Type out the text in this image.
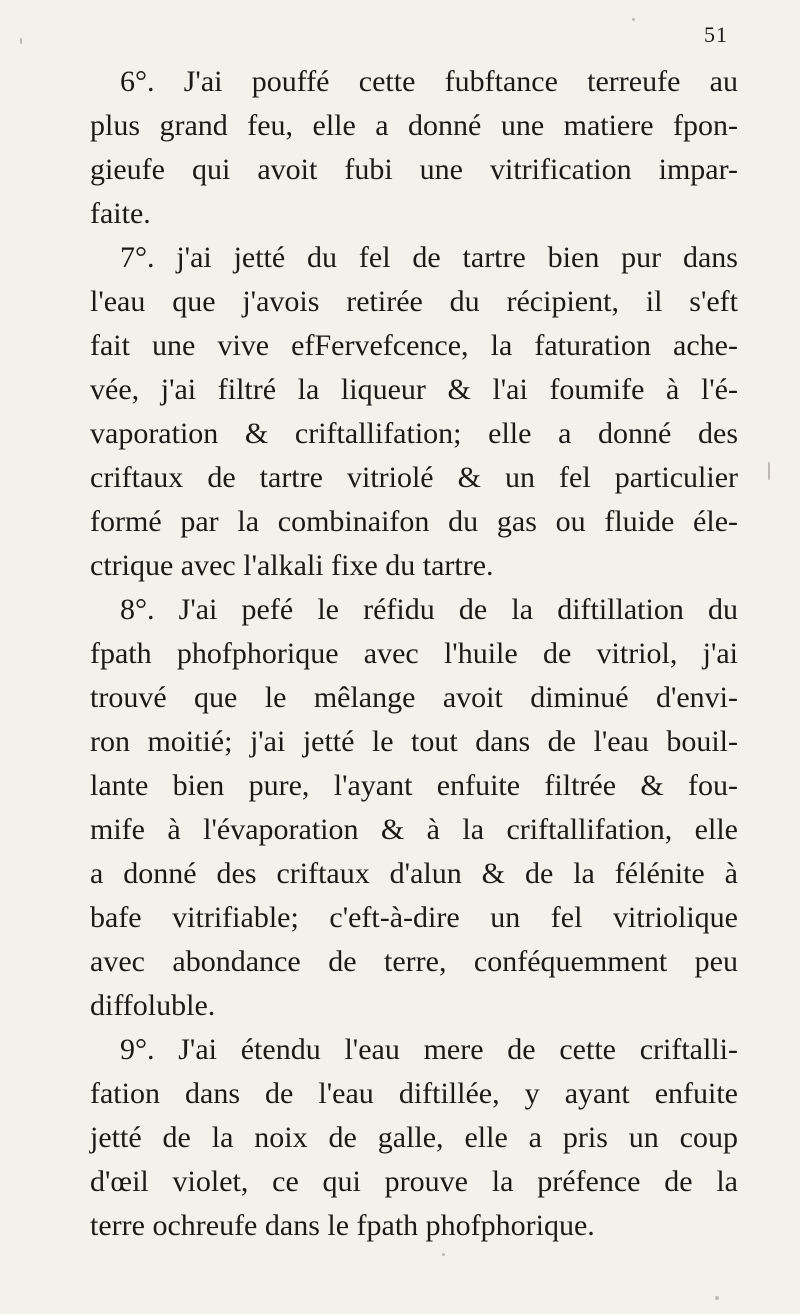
51
6°. J'ai pouffé cette fubftance terreufe au
plus grand feu, elle a donné une matiere fpon-
gieufe qui avoit fubi une vitrification impar-
faite.
7°. j'ai jetté du fel de tartre bien pur dans
l'eau que j'avois retirée du récipient, il s'eft
fait une vive efFervefcence, la faturation ache-
vée, j'ai filtré la liqueur & l'ai foumife à l'é-
vaporation & criftallifation; elle a donné des
criftaux de tartre vitriolé & un fel particulier
formé par la combinaifon du gas ou fluide éle-
ctrique avec l'alkali fixe du tartre.
8°. J'ai pefé le réfidu de la diftillation du
fpath phofphorique avec l'huile de vitriol, j'ai
trouvé que le mêlange avoit diminué d'envi-
ron moitié; j'ai jetté le tout dans de l'eau bouil-
lante bien pure, l'ayant enfuite filtrée & fou-
mife à l'évaporation & à la criftallifation, elle
a donné des criftaux d'alun & de la félénite à
bafe vitrifiable; c'eft-à-dire un fel vitriolique
avec abondance de terre, conféquemment peu
diffoluble.
9°. J'ai étendu l'eau mere de cette criftalli-
fation dans de l'eau diftillée, y ayant enfuite
jetté de la noix de galle, elle a pris un coup
d'œil violet, ce qui prouve la préfence de la
terre ochreufe dans le fpath phofphorique.
